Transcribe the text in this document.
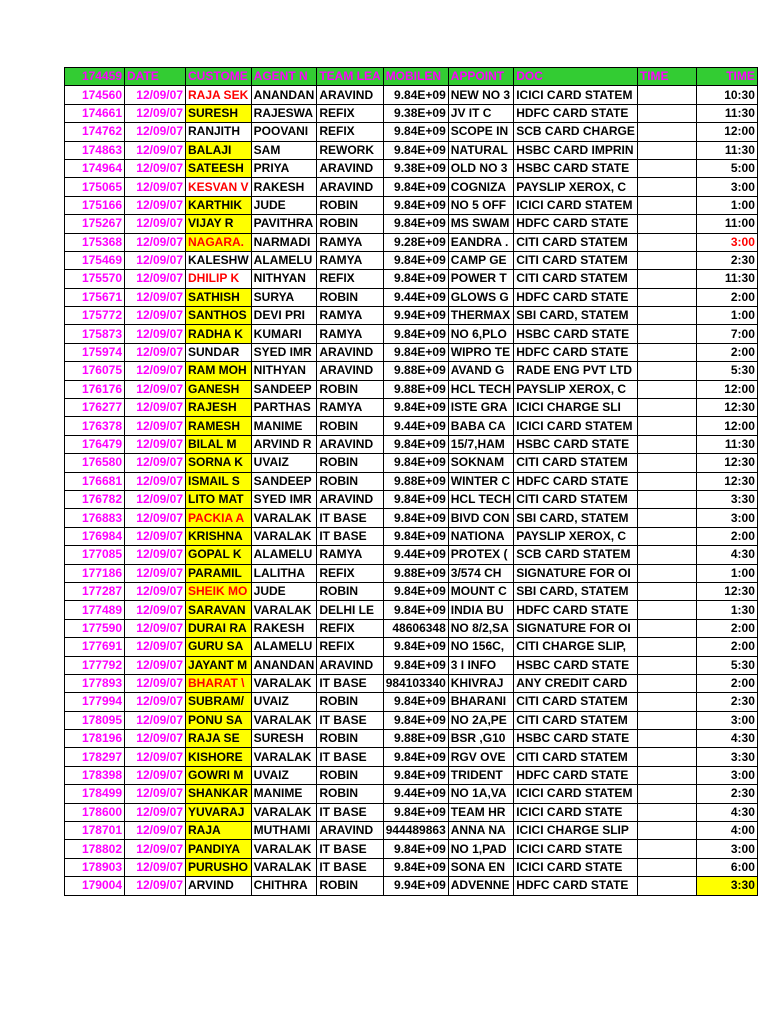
174459	DATE	CUSTOME	AGENT N	TEAM LEA	MOBILEN	APPOINT	DOC	TIME	TIME
174560	12/09/07	RAJA SEK	ANANDAN	ARAVIND	9.84E+09	NEW NO 3	ICICI CARD STATEM		10:30
174661	12/09/07	SURESH	RAJESWA	REFIX	9.38E+09	JV IT C	HDFC CARD STATE		11:30
174762	12/09/07	RANJITH	POOVANI	REFIX	9.84E+09	SCOPE IN	SCB CARD CHARGE		12:00
174863	12/09/07	BALAJI	SAM	REWORK	9.84E+09	NATURAL	HSBC CARD IMPRIN		11:30
174964	12/09/07	SATEESH	PRIYA	ARAVIND	9.38E+09	OLD NO 3	HSBC CARD STATE		5:00
175065	12/09/07	KESVAN V	RAKESH	ARAVIND	9.84E+09	COGNIZA	PAYSLIP XEROX, C		3:00
175166	12/09/07	KARTHIK	JUDE	ROBIN	9.84E+09	NO 5 OFF	ICICI CARD STATEM		1:00
175267	12/09/07	VIJAY R	PAVITHRA	ROBIN	9.84E+09	MS SWAM	HDFC CARD STATE		11:00
175368	12/09/07	NAGARA.	NARMADI	RAMYA	9.28E+09	EANDRA .	CITI CARD STATEM		3:00
175469	12/09/07	KALESHW	ALAMELU	RAMYA	9.84E+09	CAMP GE	CITI CARD STATEM		2:30
175570	12/09/07	DHILIP K	NITHYAN	REFIX	9.84E+09	POWER T	CITI CARD STATEM		11:30
175671	12/09/07	SATHISH	SURYA	ROBIN	9.44E+09	GLOWS G	HDFC CARD STATE		2:00
175772	12/09/07	SANTHOS	DEVI PRI	RAMYA	9.94E+09	THERMAX	SBI CARD, STATEM		1:00
175873	12/09/07	RADHA K	KUMARI	RAMYA	9.84E+09	NO 6,PLO	HSBC CARD STATE		7:00
175974	12/09/07	SUNDAR	SYED IMR	ARAVIND	9.84E+09	WIPRO TE	HDFC CARD STATE		2:00
176075	12/09/07	RAM MOH	NITHYAN	ARAVIND	9.88E+09	AVAND G	RADE ENG PVT LTD		5:30
176176	12/09/07	GANESH	SANDEEP	ROBIN	9.88E+09	HCL TECH	PAYSLIP XEROX, C		12:00
176277	12/09/07	RAJESH	PARTHAS	RAMYA	9.84E+09	ISTE GRA	ICICI CHARGE SLI		12:30
176378	12/09/07	RAMESH	MANIME	ROBIN	9.44E+09	BABA CA	ICICI CARD STATEM		12:00
176479	12/09/07	BILAL M	ARVIND R	ARAVIND	9.84E+09	15/7,HAM	HSBC CARD STATE		11:30
176580	12/09/07	SORNA K	UVAIZ	ROBIN	9.84E+09	SOKNAM	CITI CARD STATEM		12:30
176681	12/09/07	ISMAIL S	SANDEEP	ROBIN	9.88E+09	WINTER C	HDFC CARD STATE		12:30
176782	12/09/07	LITO MAT	SYED IMR	ARAVIND	9.84E+09	HCL TECH	CITI CARD STATEM		3:30
176883	12/09/07	PACKIA A	VARALAK	IT BASE	9.84E+09	BIVD CON	SBI CARD, STATEM		3:00
176984	12/09/07	KRISHNA	VARALAK	IT BASE	9.84E+09	NATIONA	PAYSLIP XEROX, C		2:00
177085	12/09/07	GOPAL K	ALAMELU	RAMYA	9.44E+09	PROTEX (	SCB CARD STATEM		4:30
177186	12/09/07	PARAMIL	LALITHA	REFIX	9.88E+09	3/574 CH	SIGNATURE FOR OI		1:00
177287	12/09/07	SHEIK MO	JUDE	ROBIN	9.84E+09	MOUNT C	SBI CARD, STATEM		12:30
177489	12/09/07	SARAVAN	VARALAK	DELHI LE	9.84E+09	INDIA BU	HDFC CARD STATE		1:30
177590	12/09/07	DURAI RA	RAKESH	REFIX	48606348	NO 8/2,SA	SIGNATURE FOR OI		2:00
177691	12/09/07	GURU SA	ALAMELU	REFIX	9.84E+09	NO 156C,	CITI CHARGE SLIP,		2:00
177792	12/09/07	JAYANT M	ANANDAN	ARAVIND	9.84E+09	3 I INFO	HSBC CARD STATE		5:30
177893	12/09/07	BHARAT \	VARALAK	IT BASE	984103340	KHIVRAJ	ANY CREDIT CARD		2:00
177994	12/09/07	SUBRAM/	UVAIZ	ROBIN	9.84E+09	BHARANI	CITI CARD STATEM		2:30
178095	12/09/07	PONU SA	VARALAK	IT BASE	9.84E+09	NO 2A,PE	CITI CARD STATEM		3:00
178196	12/09/07	RAJA SE	SURESH	ROBIN	9.88E+09	BSR ,G10	HSBC CARD STATE		4:30
178297	12/09/07	KISHORE	VARALAK	IT BASE	9.84E+09	RGV OVE	CITI CARD STATEM		3:30
178398	12/09/07	GOWRI M	UVAIZ	ROBIN	9.84E+09	TRIDENT	HDFC CARD STATE		3:00
178499	12/09/07	SHANKAR	MANIME	ROBIN	9.44E+09	NO 1A,VA	ICICI CARD STATEM		2:30
178600	12/09/07	YUVARAJ	VARALAK	IT BASE	9.84E+09	TEAM HR	ICICI CARD STATE		4:30
178701	12/09/07	RAJA	MUTHAMI	ARAVIND	944489863	ANNA NA	ICICI CHARGE SLIP		4:00
178802	12/09/07	PANDIYA	VARALAK	IT BASE	9.84E+09	NO 1,PAD	ICICI CARD STATE		3:00
178903	12/09/07	PURUSHO	VARALAK	IT BASE	9.84E+09	SONA EN	ICICI CARD STATE		6:00
179004	12/09/07	ARVIND	CHITHRA	ROBIN	9.94E+09	ADVENNE	HDFC CARD STATE		3:30
